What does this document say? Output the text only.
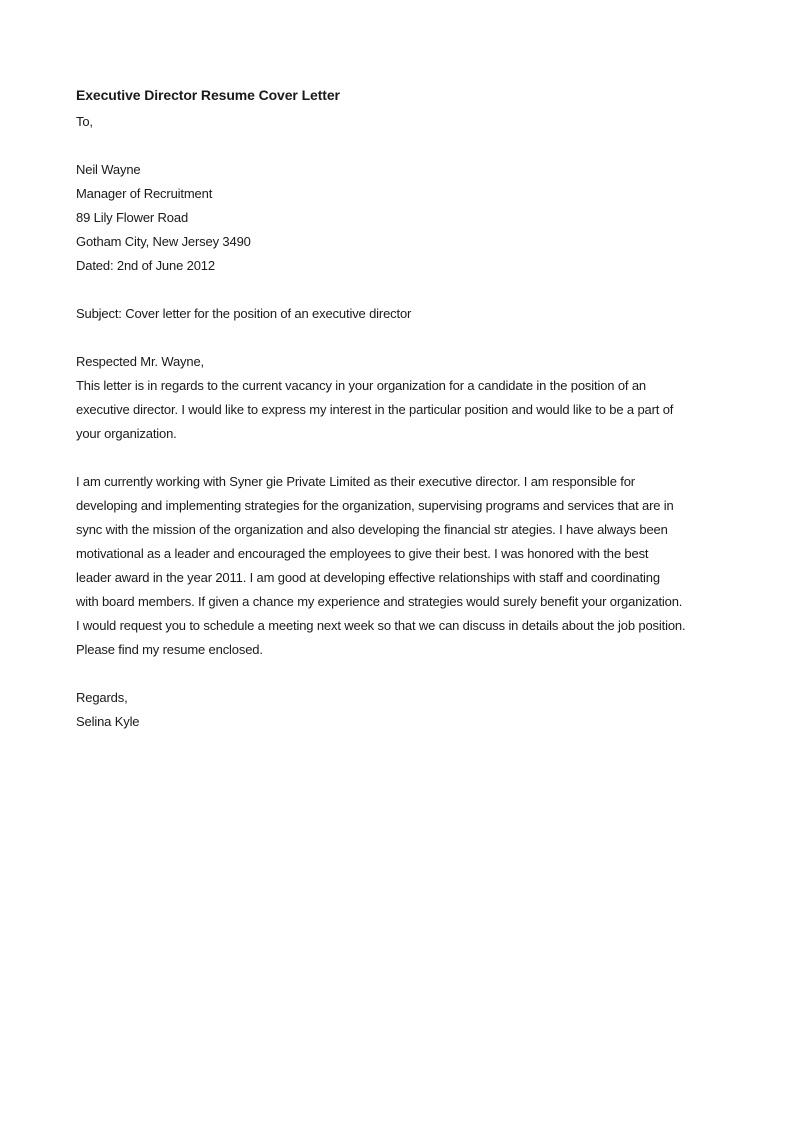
Executive Director Resume Cover Letter

To,

Neil Wayne

Manager of Recruitment

89 Lily Flower Road

Gotham City, New Jersey 3490

Dated: 2nd of June 2012

Subject: Cover letter for the position of an executive director

Respected Mr. Wayne,

This letter is in regards to the current vacancy in your organization for a candidate in the position of an

executive director. I would like to express my interest in the particular position and would like to be a part of

your organization.

I am currently working with Syner gie Private Limited as their executive director. I am responsible for

developing and implementing strategies for the organization, supervising programs and services that are in

sync with the mission of the organization and also developing the financial str ategies. I have always been

motivational as a leader and encouraged the employees to give their best. I was honored with the best

leader award in the year 2011. I am good at developing effective relationships with staff and coordinating

with board members. If given a chance my experience and strategies would surely benefit your organization.

I would request you to schedule a meeting next week so that we can discuss in details about the job position.

Please find my resume enclosed.

Regards,

Selina Kyle
